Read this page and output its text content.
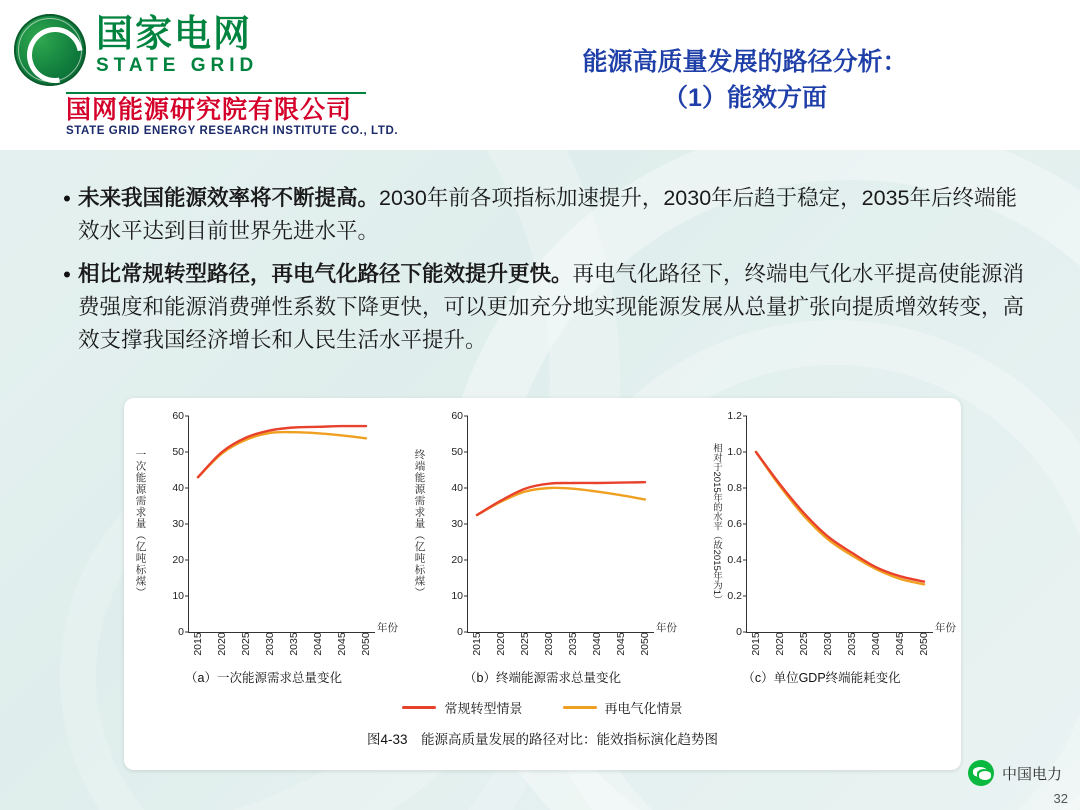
国家电网
STATE GRID
国网能源研究院有限公司
STATE GRID ENERGY RESEARCH INSTITUTE CO., LTD.
能源高质量发展的路径分析：
（1）能效方面
• 未来我国能源效率将不断提高。2030年前各项指标加速提升，2030年后趋于稳定，2035年后终端能效水平达到目前世界先进水平。
• 相比常规转型路径，再电气化路径下能效提升更快。再电气化路径下，终端电气化水平提高使能源消费强度和能源消费弹性系数下降更快，可以更加充分地实现能源发展从总量扩张向提质增效转变，高效支撑我国经济增长和人民生活水平提升。
一次能源需求量（亿吨标煤）
0
10
20
30
40
50
60
2015 2020 2025 2030 2035 2040 2045 2050
年份
（a）一次能源需求总量变化
终端能源需求量（亿吨标煤）
0
10
20
30
40
50
60
2015 2020 2025 2030 2035 2040 2045 2050
年份
（b）终端能源需求总量变化
相对于2015年的水平（故2015年为1）
0
0.2
0.4
0.6
0.8
1.0
1.2
2015 2020 2025 2030 2035 2040 2045 2050
年份
（c）单位GDP终端能耗变化
常规转型情景	再电气化情景
图4-33　能源高质量发展的路径对比：能效指标演化趋势图
中国电力
32
